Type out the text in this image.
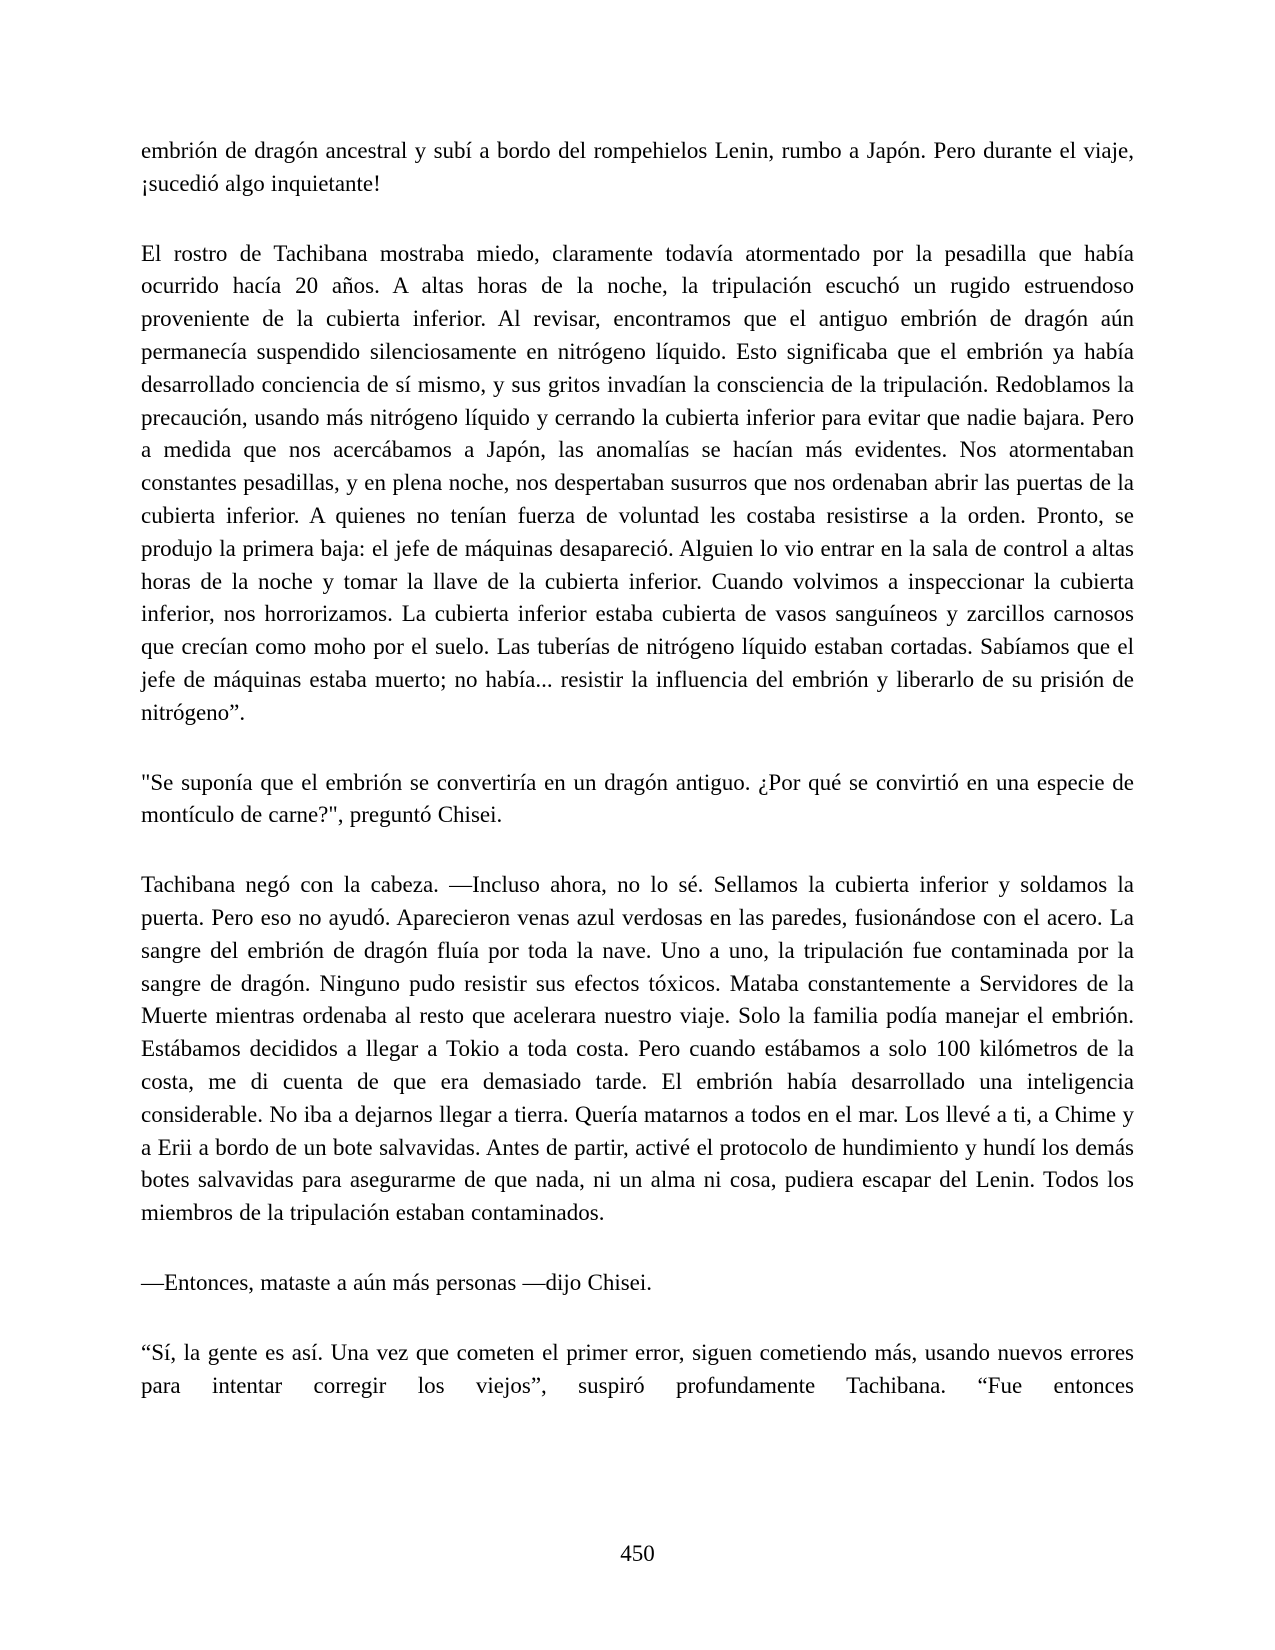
embrión de dragón ancestral y subí a bordo del rompehielos Lenin, rumbo a Japón. Pero durante el viaje, ¡sucedió algo inquietante!

El rostro de Tachibana mostraba miedo, claramente todavía atormentado por la pesadilla que había ocurrido hacía 20 años. A altas horas de la noche, la tripulación escuchó un rugido estruendoso proveniente de la cubierta inferior. Al revisar, encontramos que el antiguo embrión de dragón aún permanecía suspendido silenciosamente en nitrógeno líquido. Esto significaba que el embrión ya había desarrollado conciencia de sí mismo, y sus gritos invadían la consciencia de la tripulación. Redoblamos la precaución, usando más nitrógeno líquido y cerrando la cubierta inferior para evitar que nadie bajara. Pero a medida que nos acercábamos a Japón, las anomalías se hacían más evidentes. Nos atormentaban constantes pesadillas, y en plena noche, nos despertaban susurros que nos ordenaban abrir las puertas de la cubierta inferior. A quienes no tenían fuerza de voluntad les costaba resistirse a la orden. Pronto, se produjo la primera baja: el jefe de máquinas desapareció. Alguien lo vio entrar en la sala de control a altas horas de la noche y tomar la llave de la cubierta inferior. Cuando volvimos a inspeccionar la cubierta inferior, nos horrorizamos. La cubierta inferior estaba cubierta de vasos sanguíneos y zarcillos carnosos que crecían como moho por el suelo. Las tuberías de nitrógeno líquido estaban cortadas. Sabíamos que el jefe de máquinas estaba muerto; no había... resistir la influencia del embrión y liberarlo de su prisión de nitrógeno”.

"Se suponía que el embrión se convertiría en un dragón antiguo. ¿Por qué se convirtió en una especie de montículo de carne?", preguntó Chisei.

Tachibana negó con la cabeza. —Incluso ahora, no lo sé. Sellamos la cubierta inferior y soldamos la puerta. Pero eso no ayudó. Aparecieron venas azul verdosas en las paredes, fusionándose con el acero. La sangre del embrión de dragón fluía por toda la nave. Uno a uno, la tripulación fue contaminada por la sangre de dragón. Ninguno pudo resistir sus efectos tóxicos. Mataba constantemente a Servidores de la Muerte mientras ordenaba al resto que acelerara nuestro viaje. Solo la familia podía manejar el embrión. Estábamos decididos a llegar a Tokio a toda costa. Pero cuando estábamos a solo 100 kilómetros de la costa, me di cuenta de que era demasiado tarde. El embrión había desarrollado una inteligencia considerable. No iba a dejarnos llegar a tierra. Quería matarnos a todos en el mar. Los llevé a ti, a Chime y a Erii a bordo de un bote salvavidas. Antes de partir, activé el protocolo de hundimiento y hundí los demás botes salvavidas para asegurarme de que nada, ni un alma ni cosa, pudiera escapar del Lenin. Todos los miembros de la tripulación estaban contaminados.

—Entonces, mataste a aún más personas —dijo Chisei.

“Sí, la gente es así. Una vez que cometen el primer error, siguen cometiendo más, usando nuevos errores para intentar corregir los viejos”, suspiró profundamente Tachibana. “Fue entonces

450
